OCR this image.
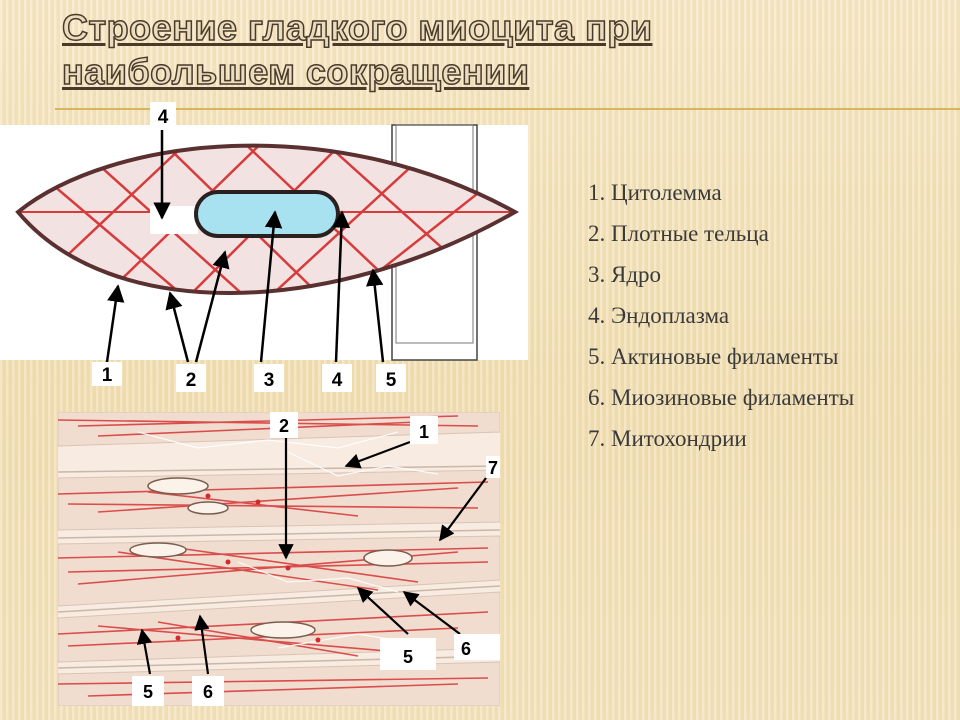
Строение гладкого миоцита при наибольшем сокращении
4
1	2	3	4 5
2	1
7
5	6
5	6
1. Цитолемма
2. Плотные тельца
3. Ядро
4. Эндоплазма
5. Актиновые филаменты
6. Миозиновые филаменты
7. Митохондрии
